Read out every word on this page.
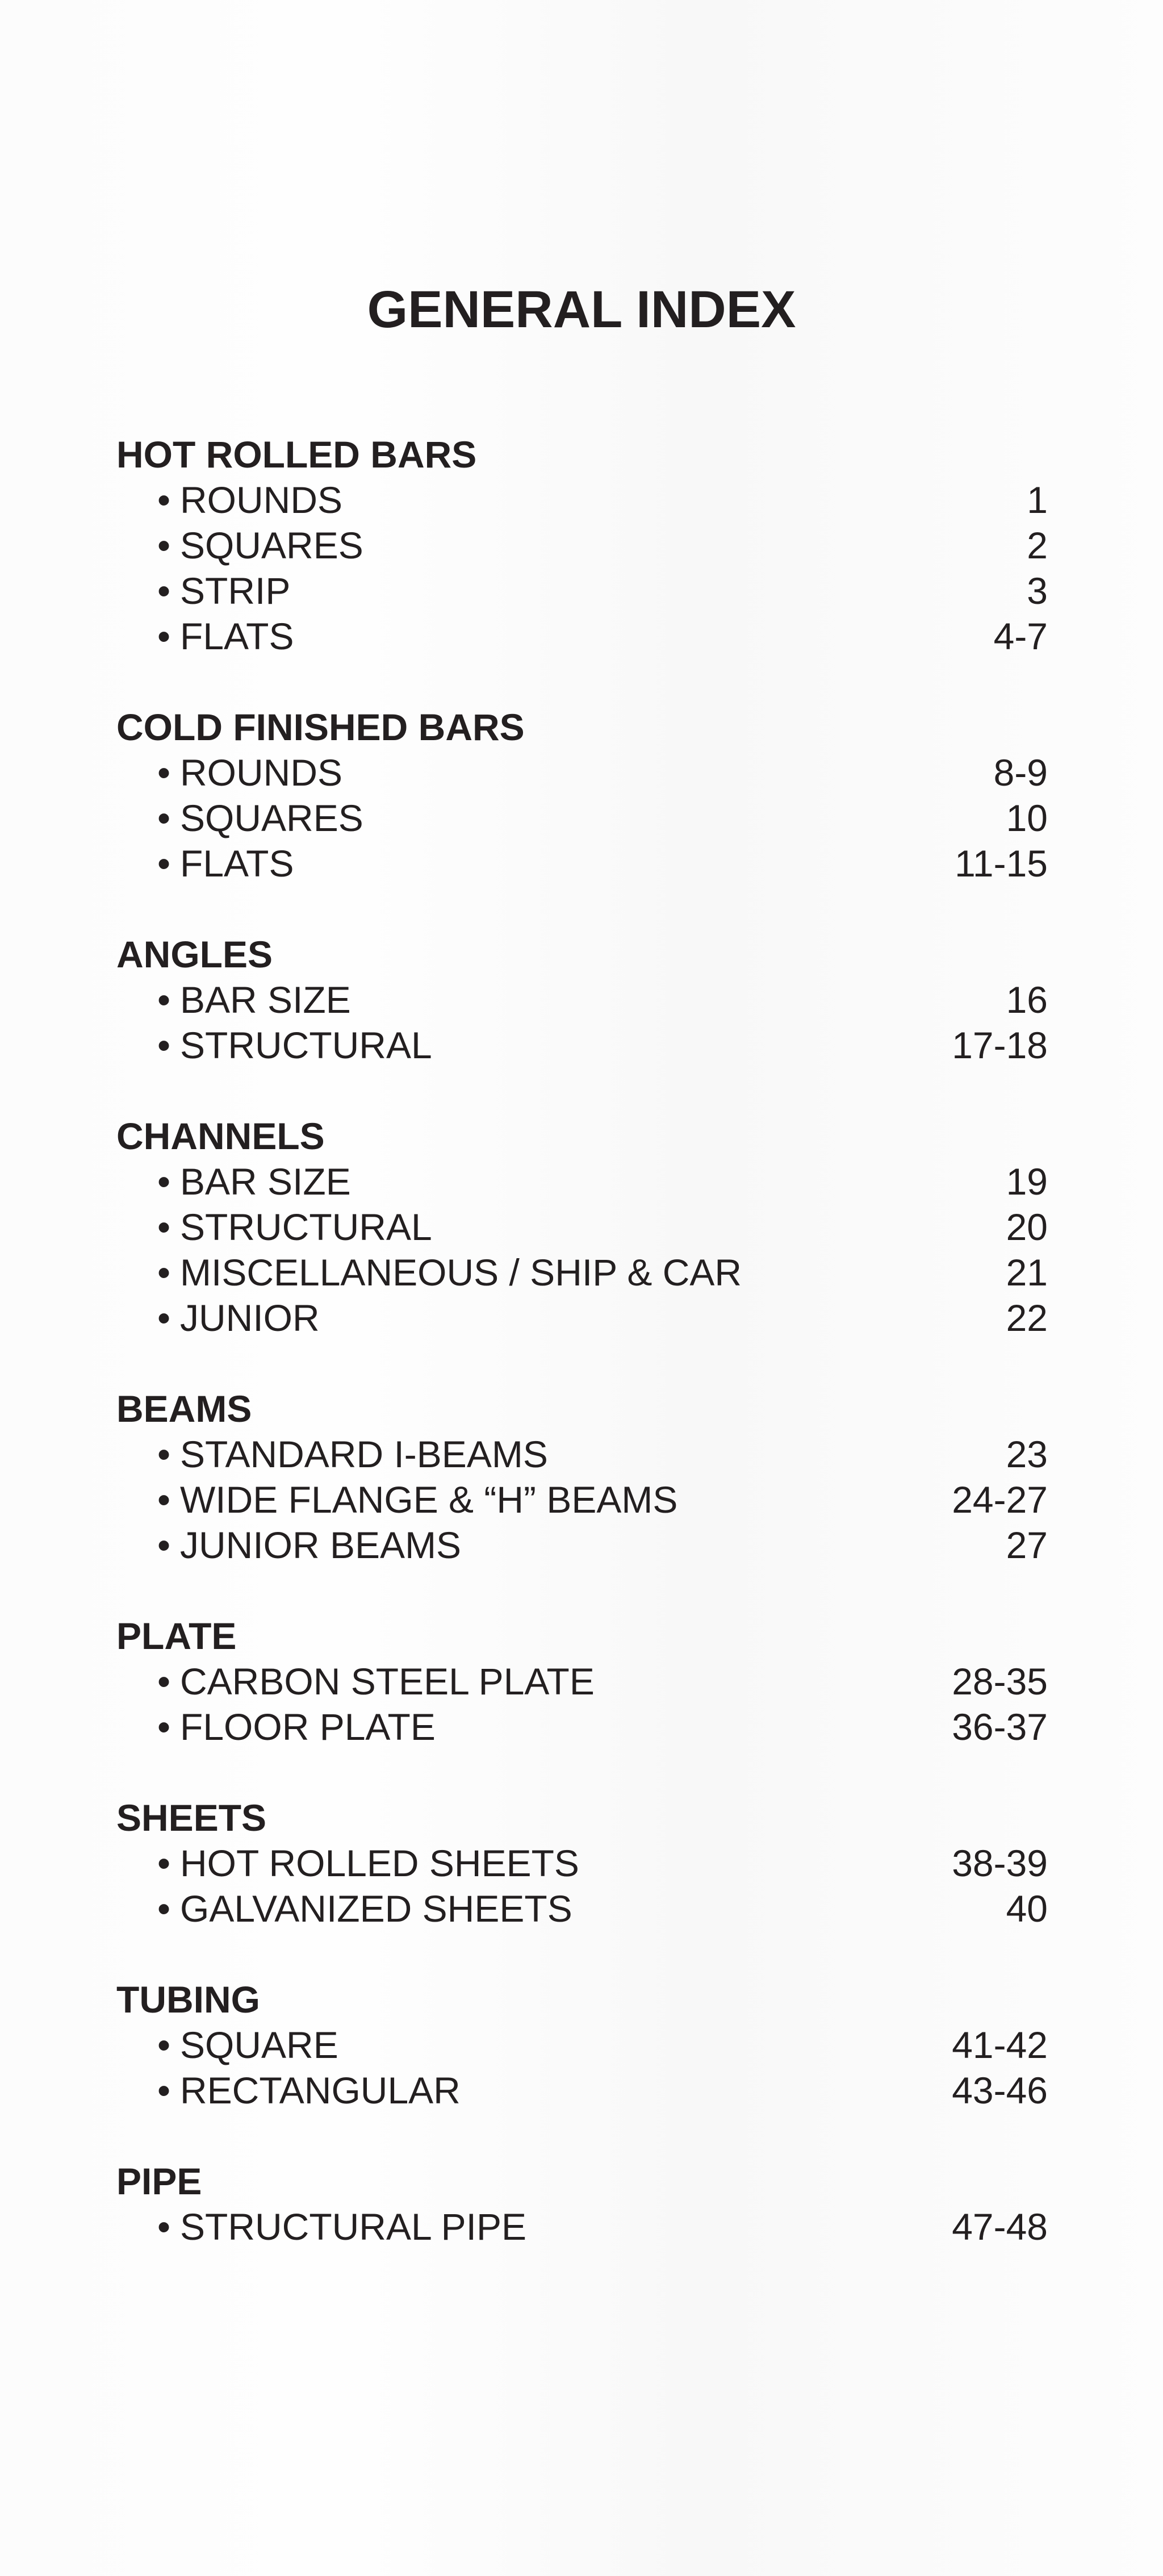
GENERAL INDEX
HOT ROLLED BARS
• ROUNDS	1
• SQUARES	2
• STRIP	3
• FLATS	4-7
COLD FINISHED BARS
• ROUNDS	8-9
• SQUARES	10
• FLATS	11-15
ANGLES
• BAR SIZE	16
• STRUCTURAL	17-18
CHANNELS
• BAR SIZE	19
• STRUCTURAL	20
• MISCELLANEOUS / SHIP & CAR	21
• JUNIOR	22
BEAMS
• STANDARD I-BEAMS	23
• WIDE FLANGE & “H” BEAMS	24-27
• JUNIOR BEAMS	27
PLATE
• CARBON STEEL PLATE	28-35
• FLOOR PLATE	36-37
SHEETS
• HOT ROLLED SHEETS	38-39
• GALVANIZED SHEETS	40
TUBING
• SQUARE	41-42
• RECTANGULAR	43-46
PIPE
• STRUCTURAL PIPE	47-48
